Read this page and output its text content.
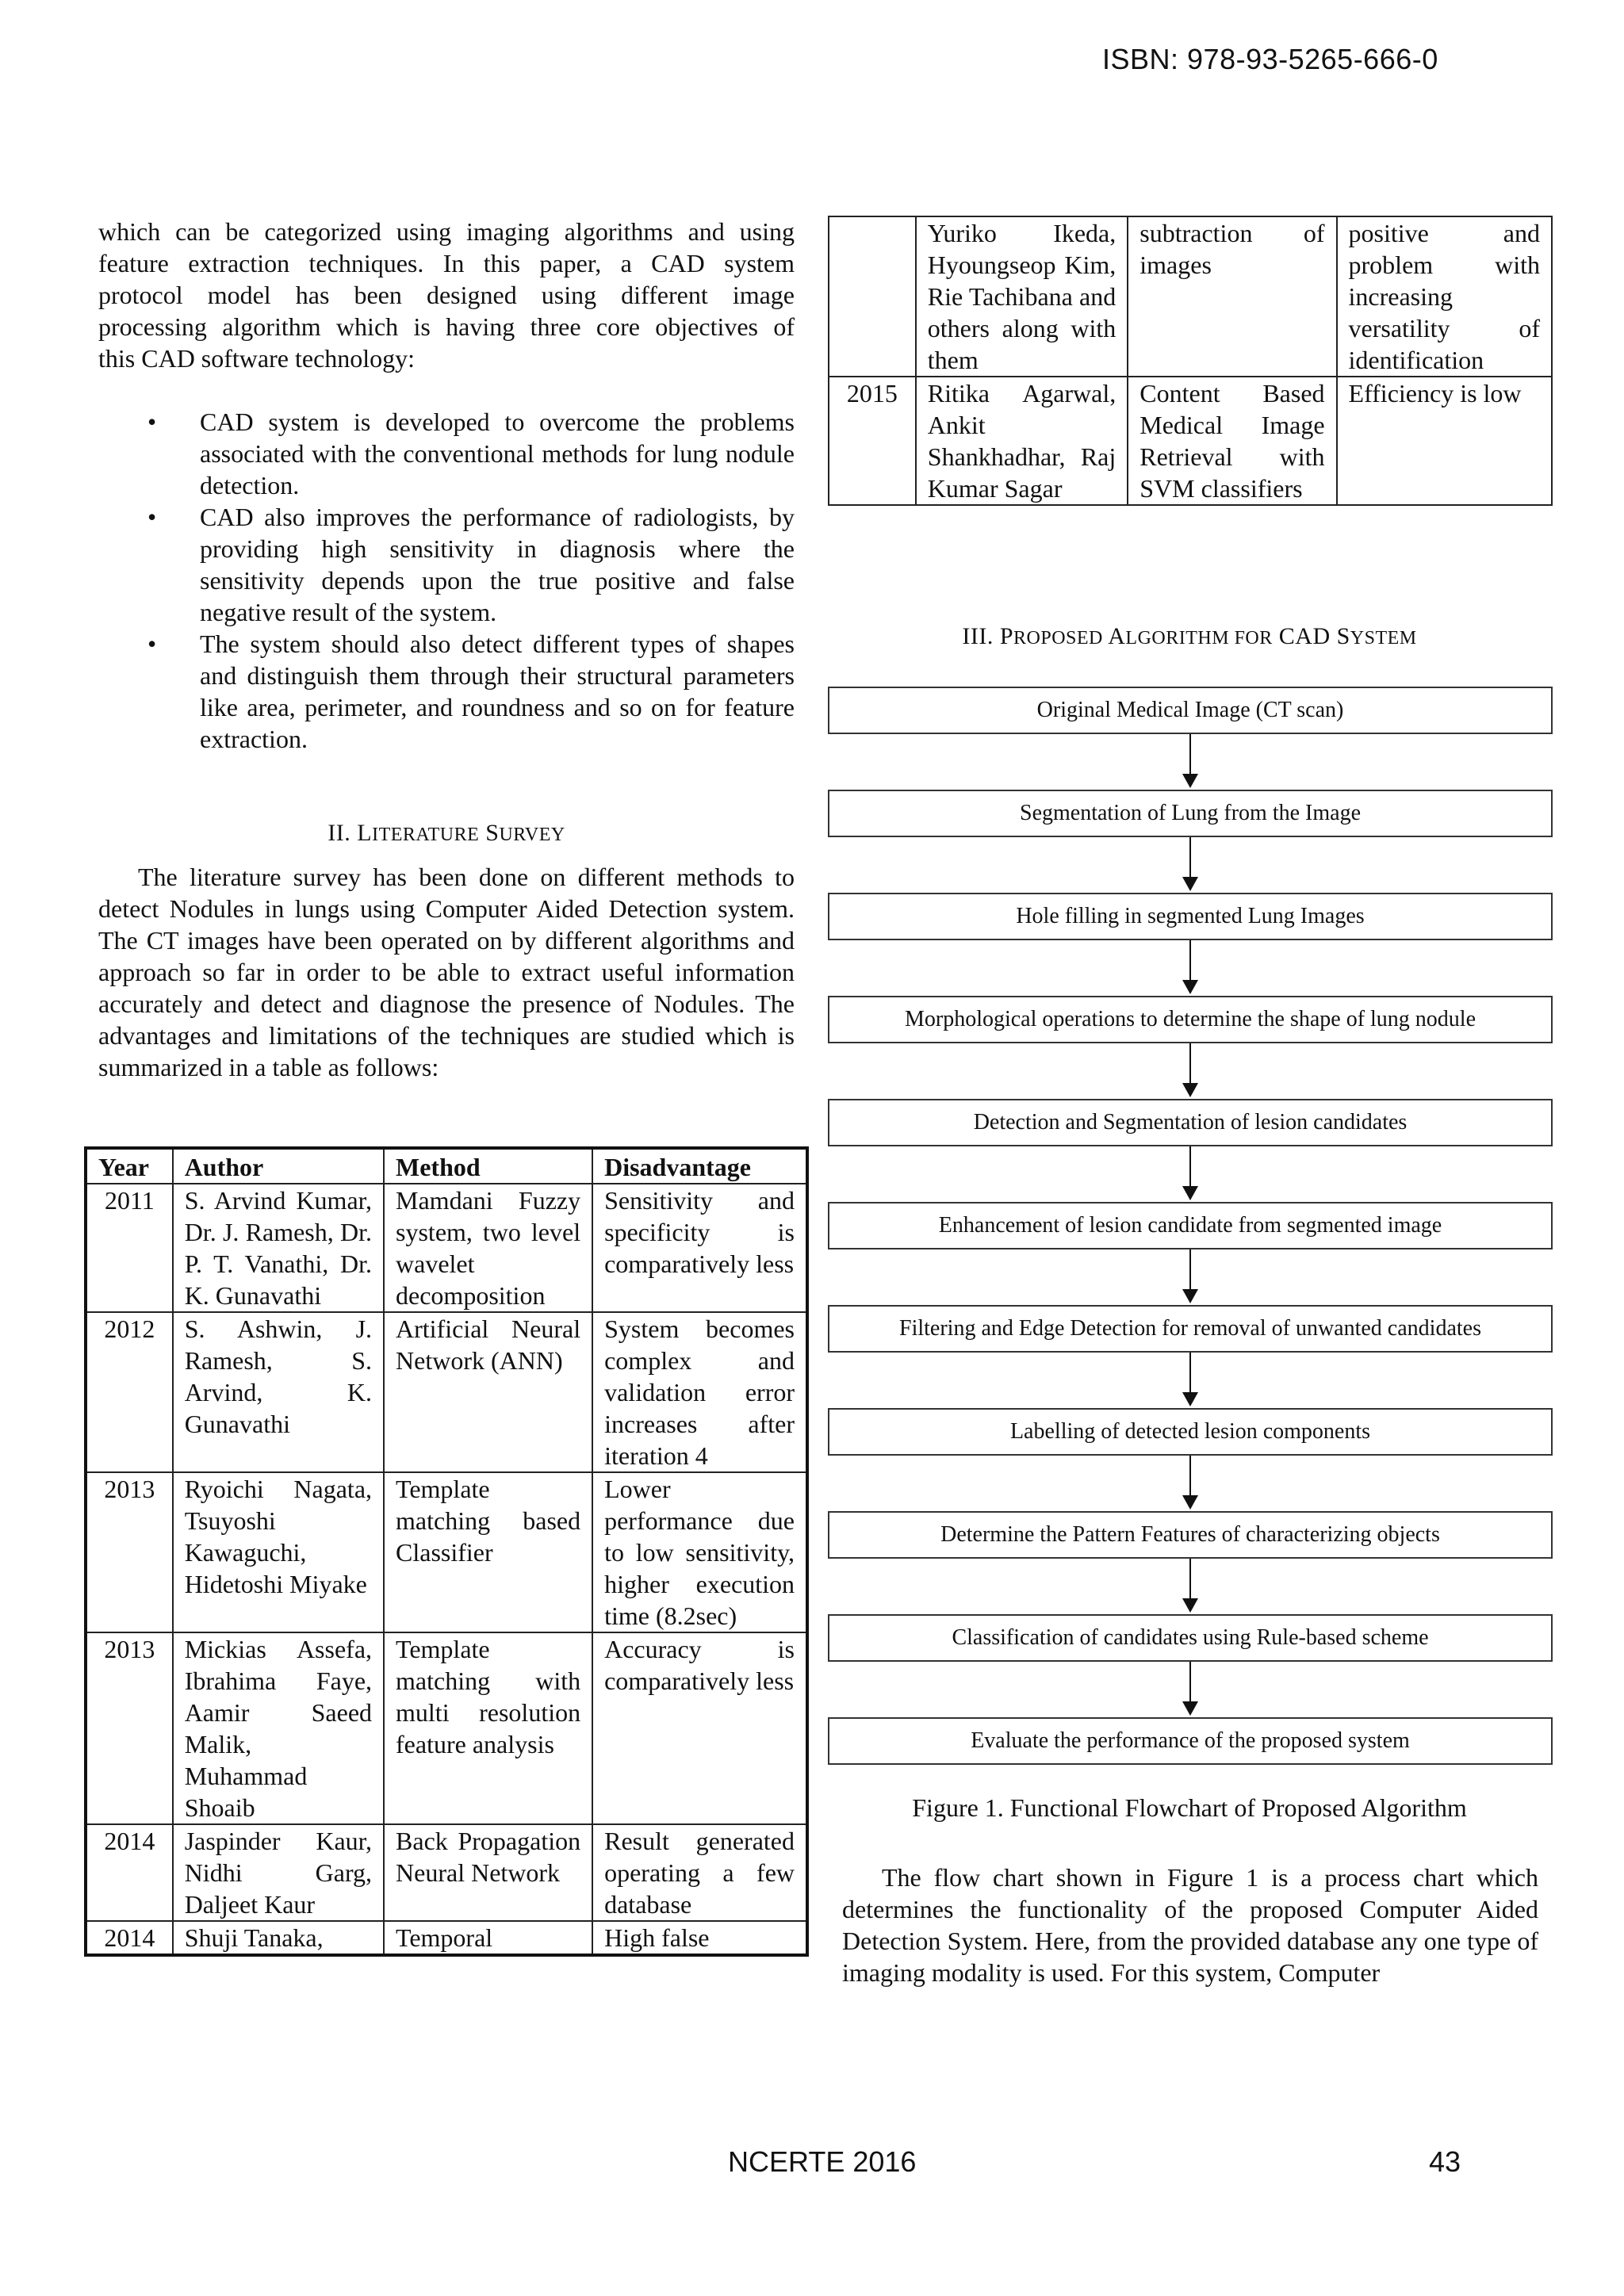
ISBN: 978-93-5265-666-0
which can be categorized using imaging algorithms and using
feature extraction techniques. In this paper, a CAD system
protocol model has been designed using different image
processing algorithm which is having three core objectives of
this CAD software technology:
• CAD system is developed to overcome the problems associated with the conventional methods for lung nodule detection.
• CAD also improves the performance of radiologists, by providing high sensitivity in diagnosis where the sensitivity depends upon the true positive and false negative result of the system.
• The system should also detect different types of shapes and distinguish them through their structural parameters like area, perimeter, and roundness and so on for feature extraction.
II. LITERATURE SURVEY
The literature survey has been done on different methods to detect Nodules in lungs using Computer Aided Detection system. The CT images have been operated on by different algorithms and approach so far in order to be able to extract useful information accurately and detect and diagnose the presence of Nodules. The advantages and limitations of the techniques are studied which is summarized in a table as follows:
Year	Author	Method	Disadvantage
2011	S. Arvind Kumar, Dr. J. Ramesh, Dr. P. T. Vanathi, Dr. K. Gunavathi	Mamdani Fuzzy system, two level wavelet decomposition	Sensitivity and specificity is comparatively less
2012	S. Ashwin, J. Ramesh, S. Arvind, K. Gunavathi	Artificial Neural Network (ANN)	System becomes complex and validation error increases after iteration 4
2013	Ryoichi Nagata, Tsuyoshi Kawaguchi, Hidetoshi Miyake	Template matching based Classifier	Lower performance due to low sensitivity, higher execution time (8.2sec)
2013	Mickias Assefa, Ibrahima Faye, Aamir Saeed Malik, Muhammad Shoaib	Template matching with multi resolution feature analysis	Accuracy is comparatively less
2014	Jaspinder Kaur, Nidhi Garg, Daljeet Kaur	Back Propagation Neural Network	Result generated operating a few database
2014	Shuji Tanaka,	Temporal	High false
	Yuriko Ikeda, Hyoungseop Kim, Rie Tachibana and others along with them	subtraction of images	positive and problem with increasing versatility of identification
2015	Ritika Agarwal, Ankit Shankhadhar, Raj Kumar Sagar	Content Based Medical Image Retrieval with SVM classifiers	Efficiency is low
III. PROPOSED ALGORITHM FOR CAD SYSTEM
Original Medical Image (CT scan)
Segmentation of Lung from the Image
Hole filling in segmented Lung Images
Morphological operations to determine the shape of lung nodule
Detection and Segmentation of lesion candidates
Enhancement of lesion candidate from segmented image
Filtering and Edge Detection for removal of unwanted candidates
Labelling of detected lesion components
Determine the Pattern Features of characterizing objects
Classification of candidates using Rule-based scheme
Evaluate the performance of the proposed system
Figure 1. Functional Flowchart of Proposed Algorithm
The flow chart shown in Figure 1 is a process chart which determines the functionality of the proposed Computer Aided Detection System. Here, from the provided database any one type of imaging modality is used. For this system, Computer
NCERTE 2016	43
